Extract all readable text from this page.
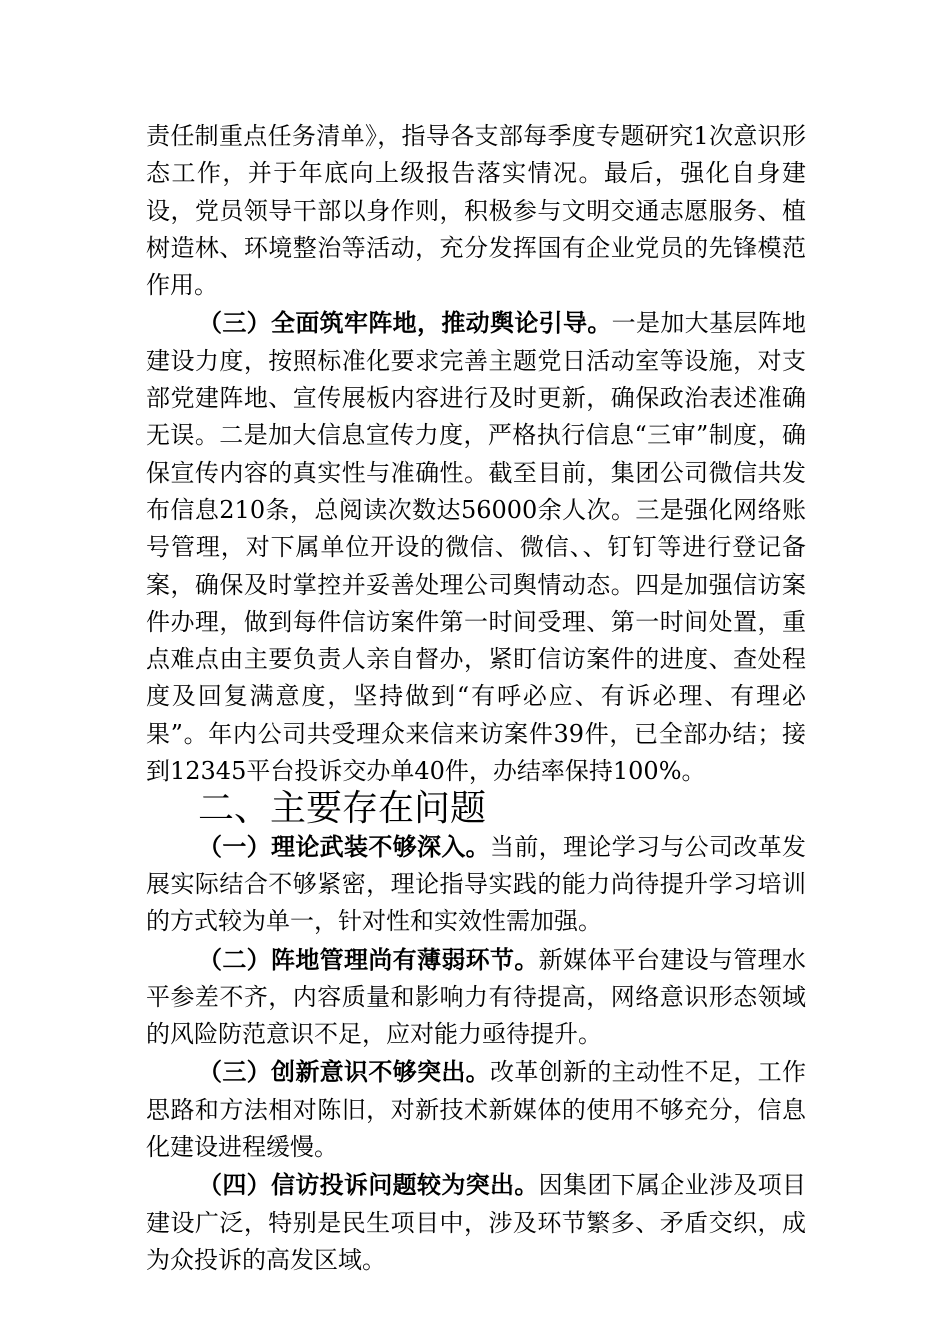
责任制重点任务清单》，指导各支部每季度专题研究1次意识形态工作，并于年底向上级报告落实情况。最后，强化自身建设，党员领导干部以身作则，积极参与文明交通志愿服务、植树造林、环境整治等活动，充分发挥国有企业党员的先锋模范作用。

（三）全面筑牢阵地，推动舆论引导。一是加大基层阵地建设力度，按照标准化要求完善主题党日活动室等设施，对支部党建阵地、宣传展板内容进行及时更新，确保政治表述准确无误。二是加大信息宣传力度，严格执行信息“三审”制度，确保宣传内容的真实性与准确性。截至目前，集团公司微信共发布信息210条，总阅读次数达56000余人次。三是强化网络账号管理，对下属单位开设的微信、微信、、钉钉等进行登记备案，确保及时掌控并妥善处理公司舆情动态。四是加强信访案件办理，做到每件信访案件第一时间受理、第一时间处置，重点难点由主要负责人亲自督办，紧盯信访案件的进度、查处程度及回复满意度，坚持做到“有呼必应、有诉必理、有理必果”。年内公司共受理众来信来访案件39件，已全部办结；接到12345平台投诉交办单40件，办结率保持100%。

二、主要存在问题

（一）理论武装不够深入。当前，理论学习与公司改革发展实际结合不够紧密，理论指导实践的能力尚待提升学习培训的方式较为单一，针对性和实效性需加强。

（二）阵地管理尚有薄弱环节。新媒体平台建设与管理水平参差不齐，内容质量和影响力有待提高，网络意识形态领域的风险防范意识不足，应对能力亟待提升。

（三）创新意识不够突出。改革创新的主动性不足，工作思路和方法相对陈旧，对新技术新媒体的使用不够充分，信息化建设进程缓慢。

（四）信访投诉问题较为突出。因集团下属企业涉及项目建设广泛，特别是民生项目中，涉及环节繁多、矛盾交织，成为众投诉的高发区域。
